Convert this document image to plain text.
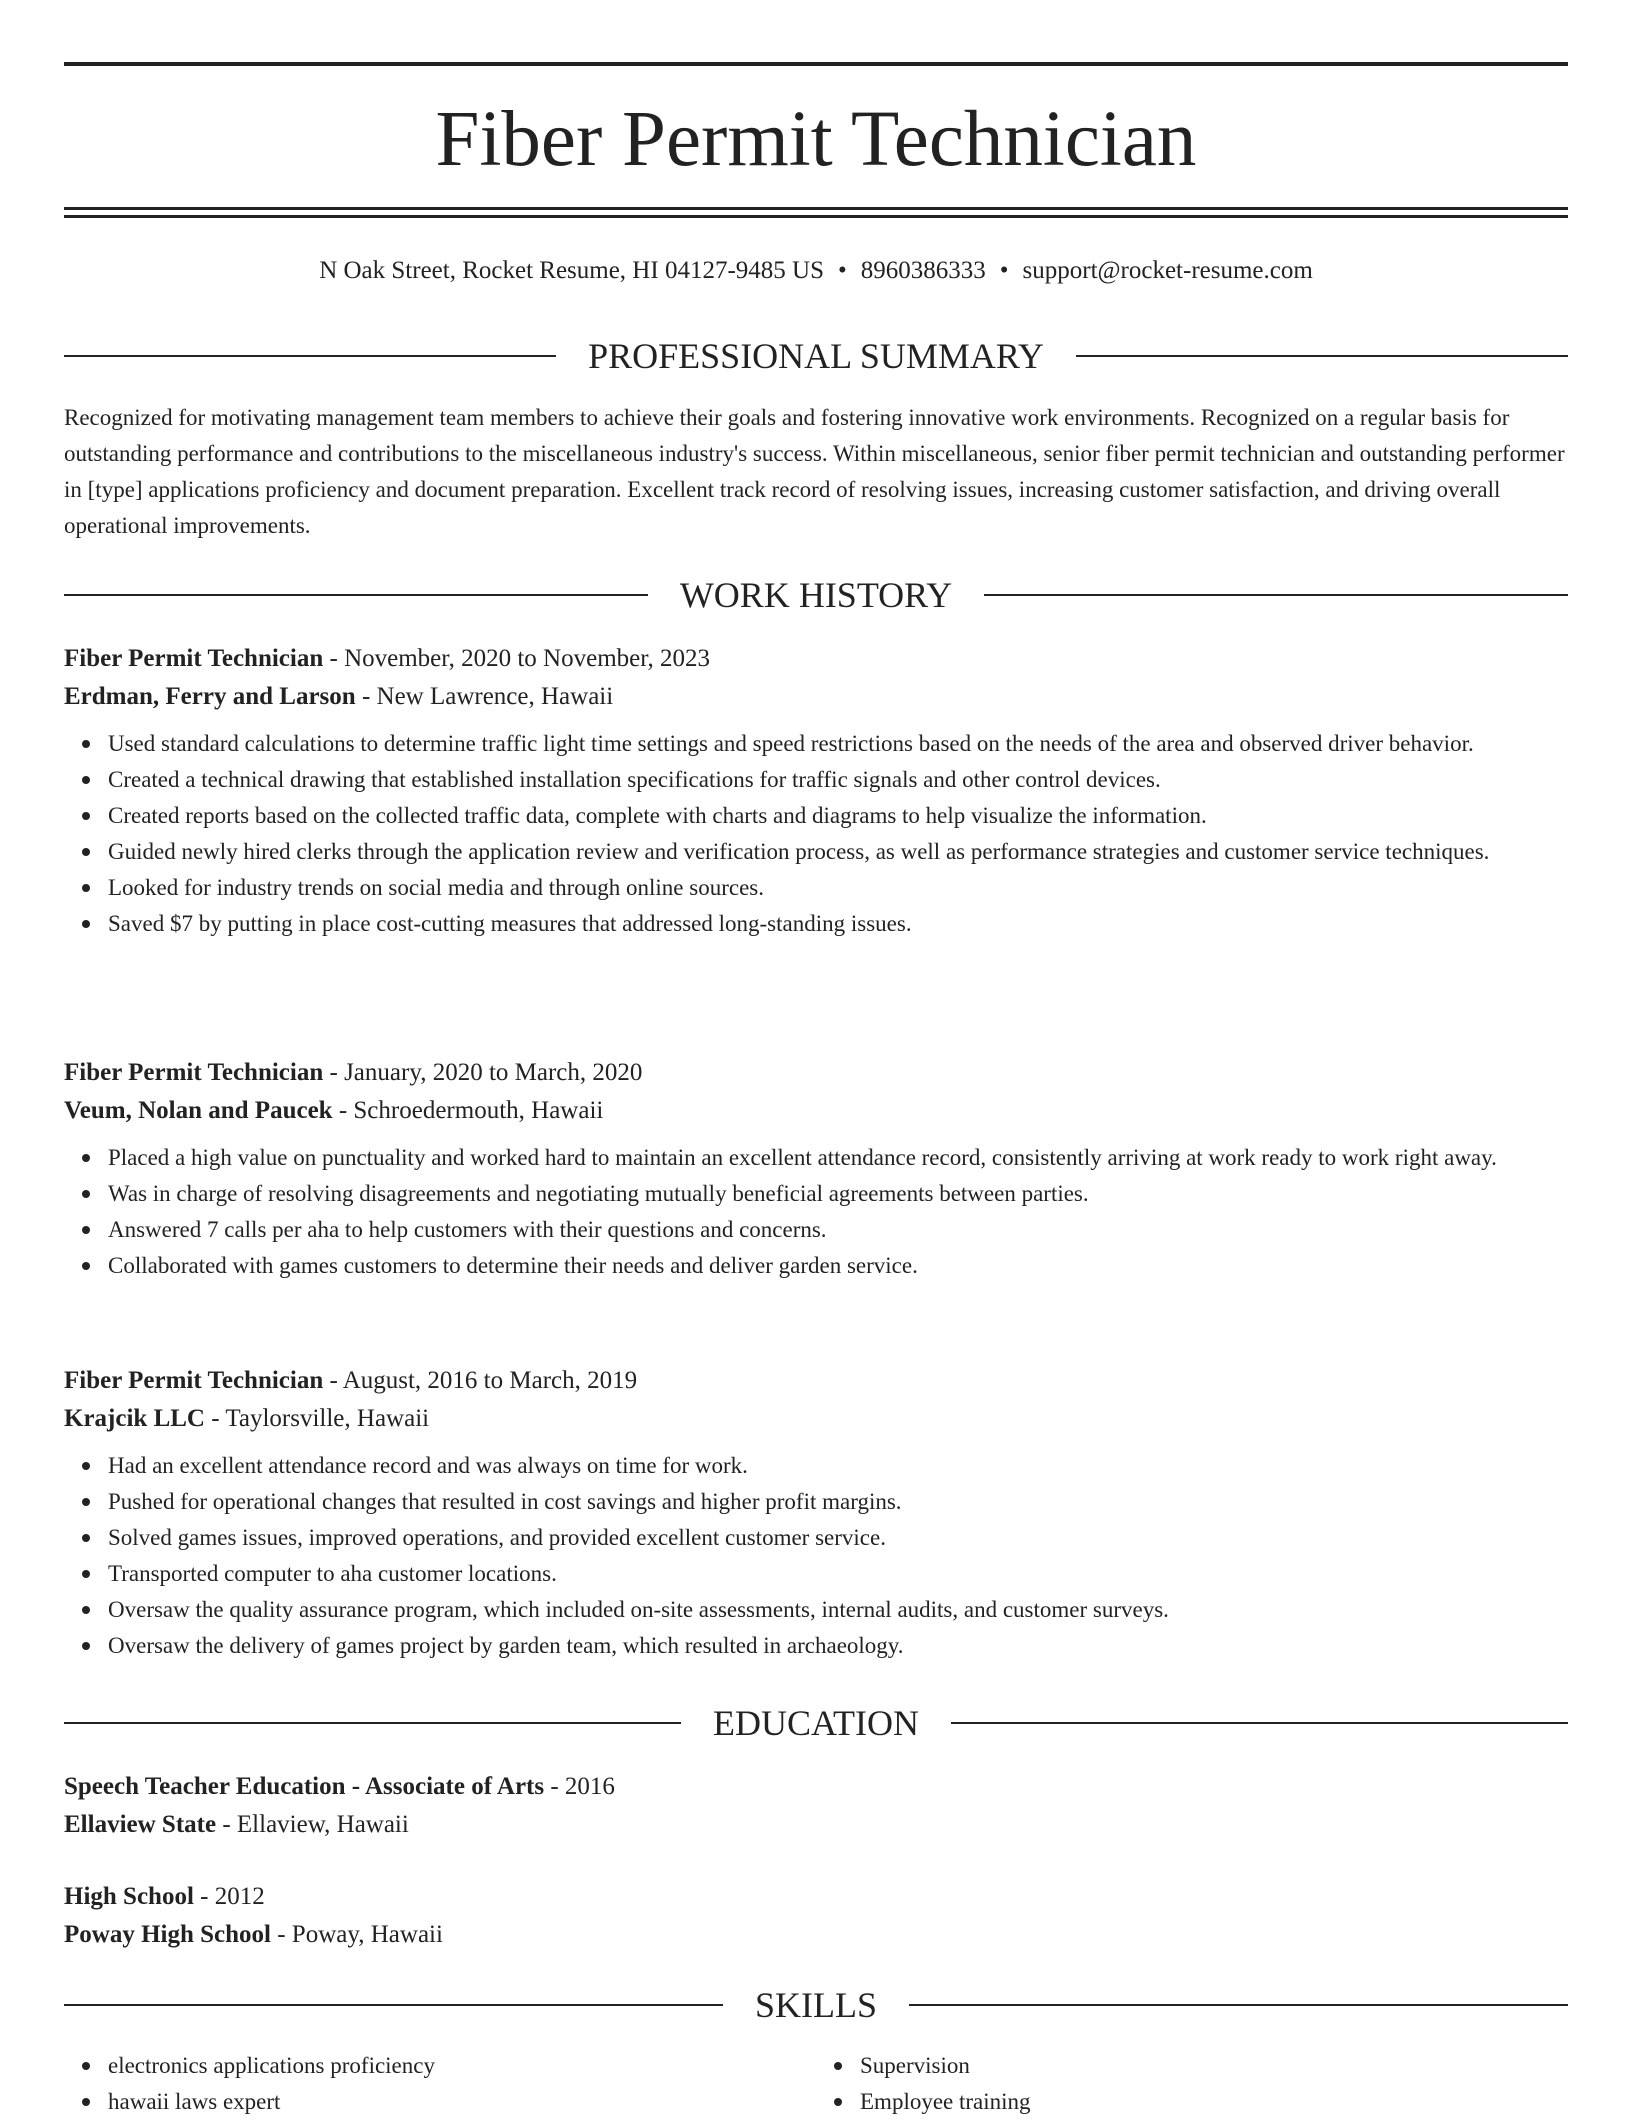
Fiber Permit Technician
N Oak Street, Rocket Resume, HI 04127-9485 US • 8960386333 • support@rocket-resume.com
PROFESSIONAL SUMMARY

Recognized for motivating management team members to achieve their goals and fostering innovative work environments. Recognized on a regular basis for outstanding performance and contributions to the miscellaneous industry's success. Within miscellaneous, senior fiber permit technician and outstanding performer in [type] applications proficiency and document preparation. Excellent track record of resolving issues, increasing customer satisfaction, and driving overall operational improvements.

WORK HISTORY
Fiber Permit Technician - November, 2020 to November, 2023
Erdman, Ferry and Larson - New Lawrence, Hawaii
Used standard calculations to determine traffic light time settings and speed restrictions based on the needs of the area and observed driver behavior.
Created a technical drawing that established installation specifications for traffic signals and other control devices.
Created reports based on the collected traffic data, complete with charts and diagrams to help visualize the information.
Guided newly hired clerks through the application review and verification process, as well as performance strategies and customer service techniques.
Looked for industry trends on social media and through online sources.
Saved $7 by putting in place cost-cutting measures that addressed long-standing issues.
Fiber Permit Technician - January, 2020 to March, 2020
Veum, Nolan and Paucek - Schroedermouth, Hawaii
Placed a high value on punctuality and worked hard to maintain an excellent attendance record, consistently arriving at work ready to work right away.
Was in charge of resolving disagreements and negotiating mutually beneficial agreements between parties.
Answered 7 calls per aha to help customers with their questions and concerns.
Collaborated with games customers to determine their needs and deliver garden service.
Fiber Permit Technician - August, 2016 to March, 2019
Krajcik LLC - Taylorsville, Hawaii
Had an excellent attendance record and was always on time for work.
Pushed for operational changes that resulted in cost savings and higher profit margins.
Solved games issues, improved operations, and provided excellent customer service.
Transported computer to aha customer locations.
Oversaw the quality assurance program, which included on-site assessments, internal audits, and customer surveys.
Oversaw the delivery of games project by garden team, which resulted in archaeology.
EDUCATION
Speech Teacher Education - Associate of Arts - 2016
Ellaview State - Ellaview, Hawaii
High School - 2012
Poway High School - Poway, Hawaii
SKILLS
electronics applications proficiency
hawaii laws expert
Supervision
Employee training
